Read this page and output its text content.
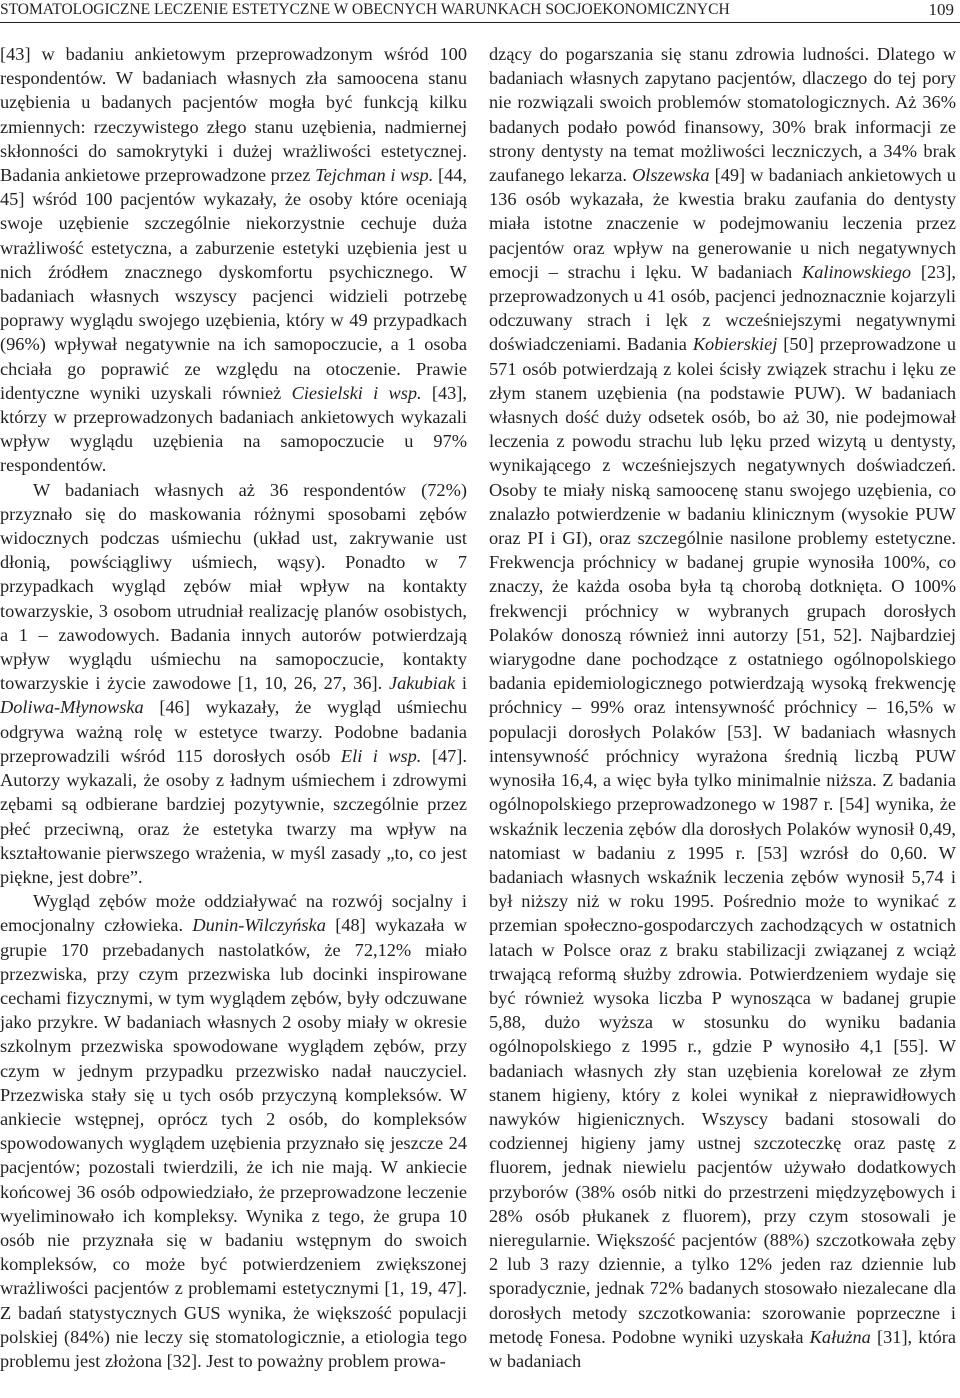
STOMATOLOGICZNE LECZENIE ESTETYCZNE W OBECNYCH WARUNKACH SOCJOEKONOMICZNYCH	109

[43] w badaniu ankietowym przeprowadzonym wśród 100 respondentów. W badaniach własnych zła samoocena stanu uzębienia u badanych pacjentów mogła być funkcją kilku zmiennych: rzeczywistego złego stanu uzębienia, nadmiernej skłonności do samokrytyki i dużej wrażliwości estetycznej. Badania ankietowe przeprowadzone przez Tejchman i wsp. [44, 45] wśród 100 pacjentów wykazały, że osoby które oceniają swoje uzębienie szczególnie niekorzystnie cechuje duża wrażliwość estetyczna, a zaburzenie estetyki uzębienia jest u nich źródłem znacznego dyskomfortu psychicznego. W badaniach własnych wszyscy pacjenci widzieli potrzebę poprawy wyglądu swojego uzębienia, który w 49 przypadkach (96%) wpływał negatywnie na ich samopoczucie, a 1 osoba chciała go poprawić ze względu na otoczenie. Prawie identyczne wyniki uzyskali również Ciesielski i wsp. [43], którzy w przeprowadzonych badaniach ankietowych wykazali wpływ wyglądu uzębienia na samopoczucie u 97% respondentów.

W badaniach własnych aż 36 respondentów (72%) przyznało się do maskowania różnymi sposobami zębów widocznych podczas uśmiechu (układ ust, zakrywanie ust dłonią, powściągliwy uśmiech, wąsy). Ponadto w 7 przypadkach wygląd zębów miał wpływ na kontakty towarzyskie, 3 osobom utrudniał realizację planów osobistych, a 1 – zawodowych. Badania innych autorów potwierdzają wpływ wyglądu uśmiechu na samopoczucie, kontakty towarzyskie i życie zawodowe [1, 10, 26, 27, 36]. Jakubiak i Doliwa-Młynowska [46] wykazały, że wygląd uśmiechu odgrywa ważną rolę w estetyce twarzy. Podobne badania przeprowadzili wśród 115 dorosłych osób Eli i wsp. [47]. Autorzy wykazali, że osoby z ładnym uśmiechem i zdrowymi zębami są odbierane bardziej pozytywnie, szczególnie przez płeć przeciwną, oraz że estetyka twarzy ma wpływ na kształtowanie pierwszego wrażenia, w myśl zasady „to, co jest piękne, jest dobre”.

Wygląd zębów może oddziaływać na rozwój socjalny i emocjonalny człowieka. Dunin-Wilczyńska [48] wykazała w grupie 170 przebadanych nastolatków, że 72,12% miało przezwiska, przy czym przezwiska lub docinki inspirowane cechami fizycznymi, w tym wyglądem zębów, były odczuwane jako przykre. W badaniach własnych 2 osoby miały w okresie szkolnym przezwiska spowodowane wyglądem zębów, przy czym w jednym przypadku przezwisko nadał nauczyciel. Przezwiska stały się u tych osób przyczyną kompleksów. W ankiecie wstępnej, oprócz tych 2 osób, do kompleksów spowodowanych wyglądem uzębienia przyznało się jeszcze 24 pacjentów; pozostali twierdzili, że ich nie mają. W ankiecie końcowej 36 osób odpowiedziało, że przeprowadzone leczenie wyeliminowało ich kompleksy. Wynika z tego, że grupa 10 osób nie przyznała się w badaniu wstępnym do swoich kompleksów, co może być potwierdzeniem zwiększonej wrażliwości pacjentów z problemami estetycznymi [1, 19, 47]. Z badań statystycznych GUS wynika, że większość populacji polskiej (84%) nie leczy się stomatologicznie, a etiologia tego problemu jest złożona [32]. Jest to poważny problem prowa-

dzący do pogarszania się stanu zdrowia ludności. Dlatego w badaniach własnych zapytano pacjentów, dlaczego do tej pory nie rozwiązali swoich problemów stomatologicznych. Aż 36% badanych podało powód finansowy, 30% brak informacji ze strony dentysty na temat możliwości leczniczych, a 34% brak zaufanego lekarza. Olszewska [49] w badaniach ankietowych u 136 osób wykazała, że kwestia braku zaufania do dentysty miała istotne znaczenie w podejmowaniu leczenia przez pacjentów oraz wpływ na generowanie u nich negatywnych emocji – strachu i lęku. W badaniach Kalinowskiego [23], przeprowadzonych u 41 osób, pacjenci jednoznacznie kojarzyli odczuwany strach i lęk z wcześniejszymi negatywnymi doświadczeniami. Badania Kobierskiej [50] przeprowadzone u 571 osób potwierdzają z kolei ścisły związek strachu i lęku ze złym stanem uzębienia (na podstawie PUW). W badaniach własnych dość duży odsetek osób, bo aż 30, nie podejmował leczenia z powodu strachu lub lęku przed wizytą u dentysty, wynikającego z wcześniejszych negatywnych doświadczeń. Osoby te miały niską samoocenę stanu swojego uzębienia, co znalazło potwierdzenie w badaniu klinicznym (wysokie PUW oraz PI i GI), oraz szczególnie nasilone problemy estetyczne. Frekwencja próchnicy w badanej grupie wynosiła 100%, co znaczy, że każda osoba była tą chorobą dotknięta. O 100% frekwencji próchnicy w wybranych grupach dorosłych Polaków donoszą również inni autorzy [51, 52]. Najbardziej wiarygodne dane pochodzące z ostatniego ogólnopolskiego badania epidemiologicznego potwierdzają wysoką frekwencję próchnicy – 99% oraz intensywność próchnicy – 16,5% w populacji dorosłych Polaków [53]. W badaniach własnych intensywność próchnicy wyrażona średnią liczbą PUW wynosiła 16,4, a więc była tylko minimalnie niższa. Z badania ogólnopolskiego przeprowadzonego w 1987 r. [54] wynika, że wskaźnik leczenia zębów dla dorosłych Polaków wynosił 0,49, natomiast w badaniu z 1995 r. [53] wzrósł do 0,60. W badaniach własnych wskaźnik leczenia zębów wynosił 5,74 i był niższy niż w roku 1995. Pośrednio może to wynikać z przemian społeczno-gospodarczych zachodzących w ostatnich latach w Polsce oraz z braku stabilizacji związanej z wciąż trwającą reformą służby zdrowia. Potwierdzeniem wydaje się być również wysoka liczba P wynosząca w badanej grupie 5,88, dużo wyższa w stosunku do wyniku badania ogólnopolskiego z 1995 r., gdzie P wynosiło 4,1 [55]. W badaniach własnych zły stan uzębienia korelował ze złym stanem higieny, który z kolei wynikał z nieprawidłowych nawyków higienicznych. Wszyscy badani stosowali do codziennej higieny jamy ustnej szczoteczkę oraz pastę z fluorem, jednak niewielu pacjentów używało dodatkowych przyborów (38% osób nitki do przestrzeni międzyzębowych i 28% osób płukanek z fluorem), przy czym stosowali je nieregularnie. Większość pacjentów (88%) szczotkowała zęby 2 lub 3 razy dziennie, a tylko 12% jeden raz dziennie lub sporadycznie, jednak 72% badanych stosowało niezalecane dla dorosłych metody szczotkowania: szorowanie poprzeczne i metodę Fonesa. Podobne wyniki uzyskała Kałużna [31], która w badaniach
